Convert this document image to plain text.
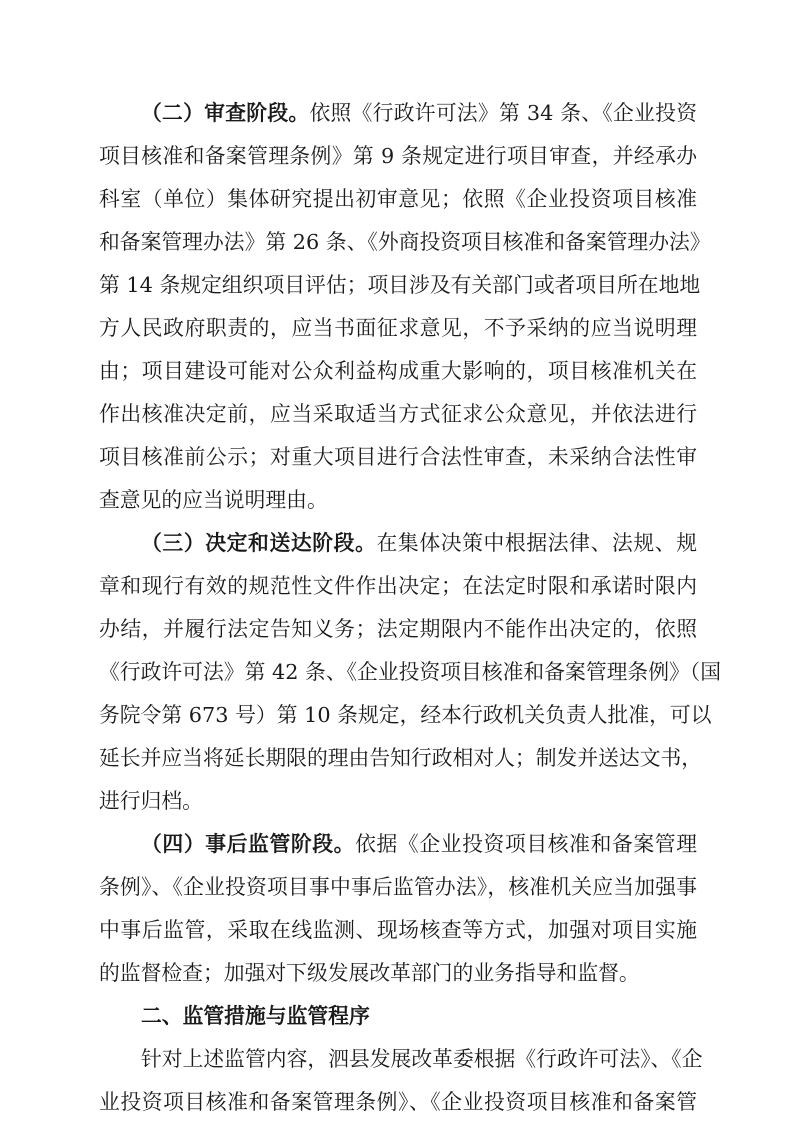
（二）审查阶段。依照《行政许可法》第 34 条、《企业投资
项目核准和备案管理条例》第 9 条规定进行项目审查，并经承办
科室（单位）集体研究提出初审意见；依照《企业投资项目核准
和备案管理办法》第 26 条、《外商投资项目核准和备案管理办法》
第 14 条规定组织项目评估；项目涉及有关部门或者项目所在地地
方人民政府职责的，应当书面征求意见，不予采纳的应当说明理
由；项目建设可能对公众利益构成重大影响的，项目核准机关在
作出核准决定前，应当采取适当方式征求公众意见，并依法进行
项目核准前公示；对重大项目进行合法性审查，未采纳合法性审
查意见的应当说明理由。
（三）决定和送达阶段。在集体决策中根据法律、法规、规
章和现行有效的规范性文件作出决定；在法定时限和承诺时限内
办结，并履行法定告知义务；法定期限内不能作出决定的，依照
《行政许可法》第 42 条、《企业投资项目核准和备案管理条例》（国
务院令第 673 号）第 10 条规定，经本行政机关负责人批准，可以
延长并应当将延长期限的理由告知行政相对人；制发并送达文书，
进行归档。
（四）事后监管阶段。依据《企业投资项目核准和备案管理
条例》、《企业投资项目事中事后监管办法》，核准机关应当加强事
中事后监管，采取在线监测、现场核查等方式，加强对项目实施
的监督检查；加强对下级发展改革部门的业务指导和监督。
二、监管措施与监管程序
针对上述监管内容，泗县发展改革委根据《行政许可法》、《企
业投资项目核准和备案管理条例》、《企业投资项目核准和备案管
